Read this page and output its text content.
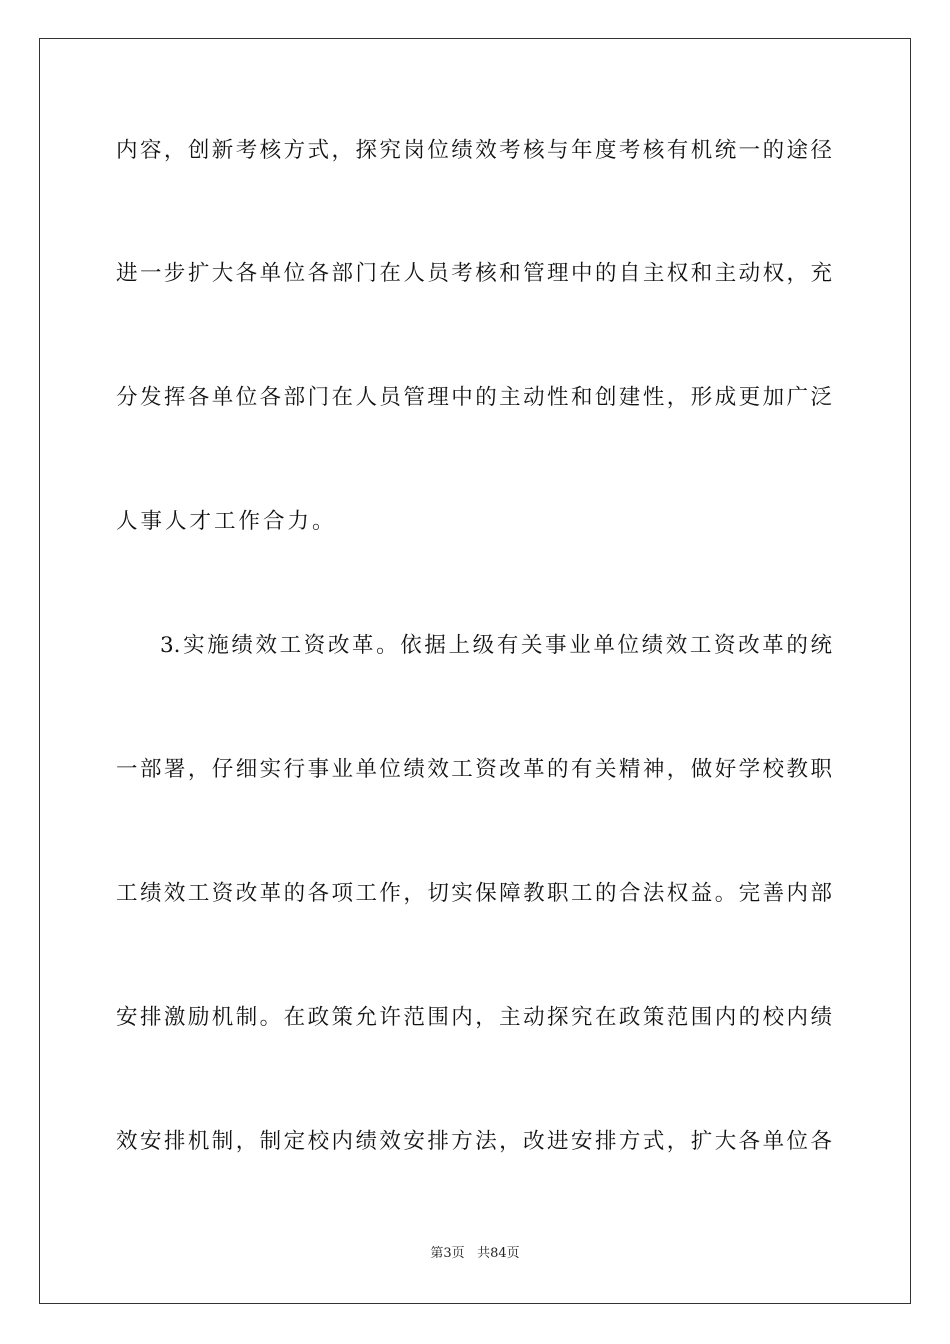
内容，创新考核方式，探究岗位绩效考核与年度考核有机统一的途径
进一步扩大各单位各部门在人员考核和管理中的自主权和主动权，充
分发挥各单位各部门在人员管理中的主动性和创建性，形成更加广泛
人事人才工作合力。
3.实施绩效工资改革。依据上级有关事业单位绩效工资改革的统
一部署，仔细实行事业单位绩效工资改革的有关精神，做好学校教职
工绩效工资改革的各项工作，切实保障教职工的合法权益。完善内部
安排激励机制。在政策允许范围内，主动探究在政策范围内的校内绩
效安排机制，制定校内绩效安排方法，改进安排方式，扩大各单位各
第3页 共84页
